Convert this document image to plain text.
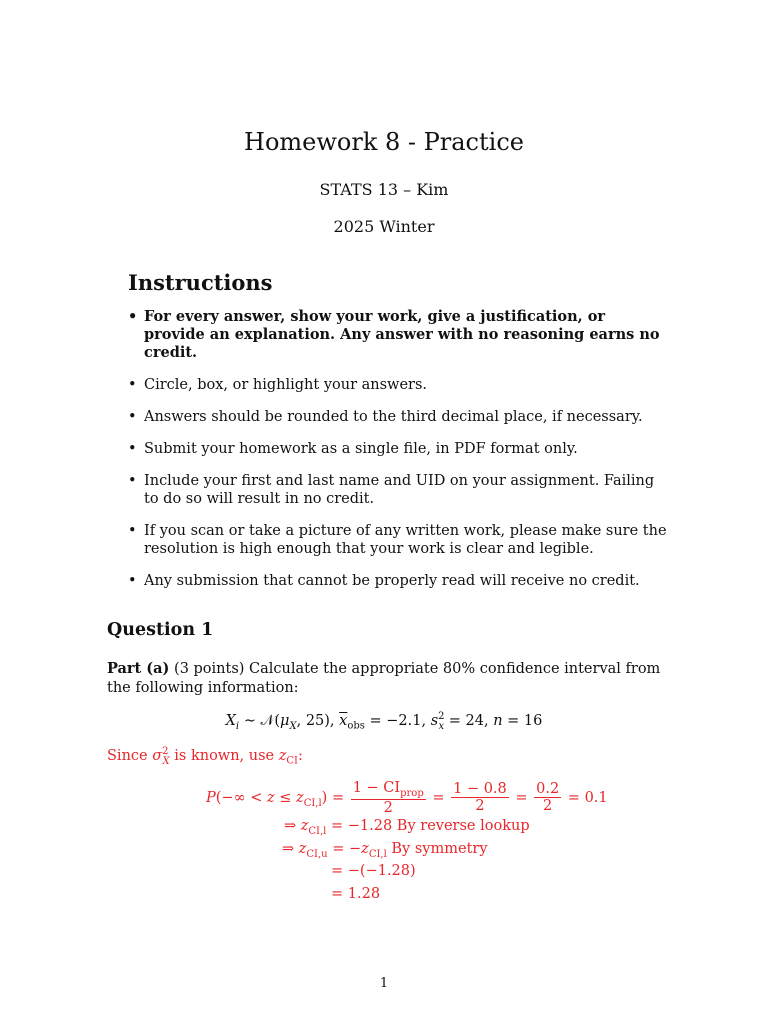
Homework 8 - Practice
STATS 13 – Kim
2025 Winter
Instructions
• For every answer, show your work, give a justification, or provide an explanation. Any answer with no reasoning earns no credit.
• Circle, box, or highlight your answers.
• Answers should be rounded to the third decimal place, if necessary.
• Submit your homework as a single file, in PDF format only.
• Include your first and last name and UID on your assignment. Failing to do so will result in no credit.
• If you scan or take a picture of any written work, please make sure the resolution is high enough that your work is clear and legible.
• Any submission that cannot be properly read will receive no credit.
Question 1
Part (a) (3 points) Calculate the appropriate 80% confidence interval from the following information:
$X_i$ ∼ $𝒩(\mu_X$, 25), $\overline{x}_{obs} = -2.1$, $s^2_x = 24$, n = 16
Since $\sigma^2_X$ is known, use $z_{CI}$:
$P(-\infty < z \le z_{CI,l}) = \frac{1 - CI_{prop}}{2} = \frac{1 - 0.8}{2} = \frac{0.2}{2} = 0.1$
⇒ $z_{CI,l} = -1.28$ By reverse lookup
⇒ $z_{CI,u} = -z_{CI,l}$ By symmetry
= −(−1.28)
= 1.28
1
